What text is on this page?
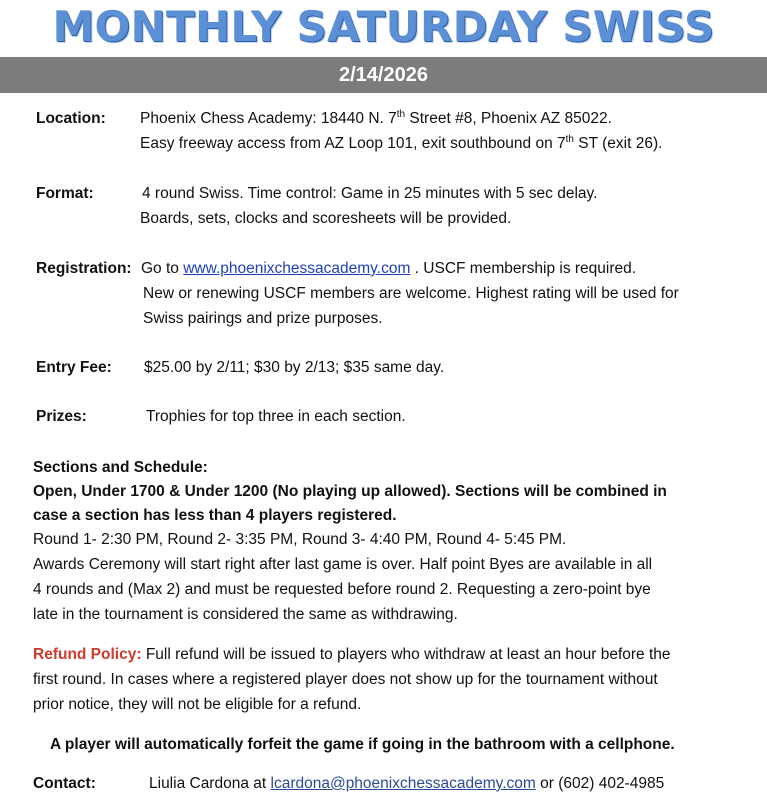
MONTHLY SATURDAY SWISS
2/14/2026
Location: Phoenix Chess Academy: 18440 N. 7th Street #8, Phoenix AZ 85022.
Easy freeway access from AZ Loop 101, exit southbound on 7th ST (exit 26).
Format:	4 round Swiss. Time control: Game in 25 minutes with 5 sec delay.
Boards, sets, clocks and scoresheets will be provided.
Registration: Go to www.phoenixchessacademy.com . USCF membership is required.
New or renewing USCF members are welcome. Highest rating will be used for
Swiss pairings and prize purposes.
Entry Fee: $25.00 by 2/11; $30 by 2/13; $35 same day.
Prizes:	Trophies for top three in each section.
Sections and Schedule:
Open, Under 1700 & Under 1200 (No playing up allowed). Sections will be combined in
case a section has less than 4 players registered.
Round 1- 2:30 PM, Round 2- 3:35 PM, Round 3- 4:40 PM, Round 4- 5:45 PM.
Awards Ceremony will start right after last game is over. Half point Byes are available in all
4 rounds and (Max 2) and must be requested before round 2. Requesting a zero-point bye
late in the tournament is considered the same as withdrawing.
Refund Policy: Full refund will be issued to players who withdraw at least an hour before the
first round. In cases where a registered player does not show up for the tournament without
prior notice, they will not be eligible for a refund.
A player will automatically forfeit the game if going in the bathroom with a cellphone.
Contact:	Liulia Cardona at lcardona@phoenixchessacademy.com or (602) 402-4985
